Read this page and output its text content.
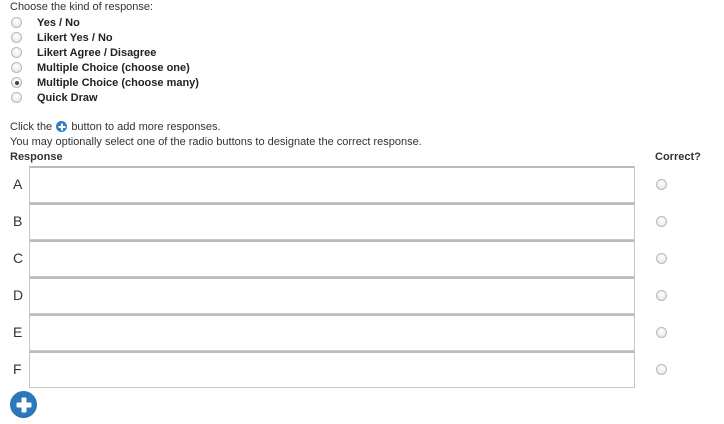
Choose the kind of response:
Yes / No
Likert Yes / No
Likert Agree / Disagree
Multiple Choice (choose one)
Multiple Choice (choose many)
Quick Draw
Click the button to add more responses.
You may optionally select one of the radio buttons to designate the correct response.
Response	Correct?
A
B
C
D
E
F
